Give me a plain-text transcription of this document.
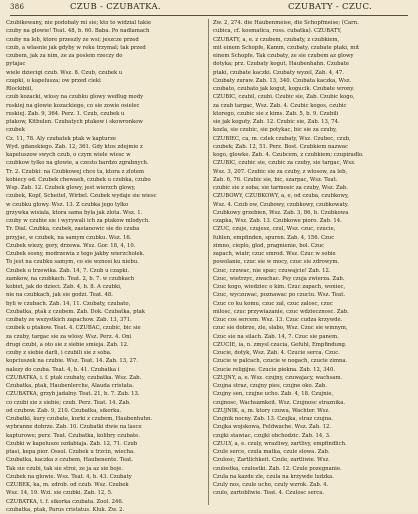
386	CZUB - CZUBATKA.	CZUBATY - CZUC.
Czubikowany, nie podobaly mi sie; kto to widzial takie
czuby na glowie! Teat. 48, b. 60. Baba. Po nadlamach
czuby na leb, ktore przeszly ze wsi; jeszcze przed
czub, a wlasnie jak gdyby w reku trzymal; tak przed
czubem, jak za nim, ze za poslem rzeczy do
pytajac
wiele dziecigi czub. Wsz. 8. Czub, czubek u
czapki, u kapelusza; ow przed cieki
Rlockibiil,
czub kozacki, wlosy na czubku glowy wedlug mody
ruskiej na glowie kozackiego, co sie zowie osielec
ruskiej. Zab. 9, 364. Perz. 1. Czub, czubek u
ptakow, Kitbulen. Czubatych ptakow i skowronkow
czubek
Cz. 11, 78. Aly czubatek ptak w kapturze
Wyd. gdanskiego. Zab. 12, 361. Gdy ktos zdejmie z
kapeluszow swych czub, o czym wiele wiesc w
czubkow tylko na glowie, a czesto bardzo zgrabnych.
Tr. 2. Czubki: na Czubkowej chce ta, ktora z zlotem
kobiecy od. Czubek chewaeh, czubek u czubka, czubo
Wsp. Zab. 12. Czubek glowy, jest wierzch glowy,
czubek, Kopf, Scheitel, Wirbel. Czubek wydaje sie wiesc
w czubku glowy. Wsz. 13. Z czubka jego tylko
grzywka wisiala, ktora sama byla jak zlota. Wsz. 1.
czuby w czubie sie i wyrywali ich za ptakow mlodych.
Tr. Dial. Czubka, czubek, zastanowic sie do czuba
przyjac, w czubek, na samym czubku. Wsz. 16.
Czubek wiezy, gory, drzewa. Wsz. Gor. 18, 4, 10.
Czubek sosny, modrzewia z tego jakby wierzcholek.
To jest na czubku samym, co sie wznosi ku niebu.
Czubek u trzewika. Zab. 14, 7. Czub u czapki.
zamkow, na czubkach. Teat. 2, b. 7. w czubkach
kobiet, jak do dzieci. Zab. 4, b. 8. A czubki,
nie na czubkach, jak sie godzi. Teat. 48.
byli w czubach. Zab. 14, 11. Czubaty, czubato,
Czubatka, ptak z czubem. Zab. Dok. Czubatka, ptak
czubaty ze wszystkich zapachow. Zab. 13, 371.
czubek u ptakow. Teat. 4. CZUBAC, czubic, bic sie
za czuby, targac sie za wlosy. Wsz. Perz. 4. Oni
drugi czubi, a oto sie z siebie smieja. Zab. 12.
czuby z siebie darli, i czubili sie z soba.
kopciuszek na czubie. Wsz. Teat. 14. Zab. 13, 27.
nalezy do czuba. Teat. 4, b. 41. Czubatka i
CZUBATKA, i. f. ptak czubaty, czubatka. Wsz. Zab.
Czubatka, ptak, Haubenlerche, Alauda cristata.
CZUBATKA, grzyb jadalny. Teat. 21, b. 7. Zab. 13.
co czubi sie z siebie; czub. Perz. Teat. 14. Zab.
od czubow. Zab. 9, 210. Czubatka, sikorka.
Czubatki, kury czubate, kurki z czubem, Haubenhuhn.
wybranne dobrze. Zab. 10. Czubatki dwie na lasce
kapturowe; perz. Teat. Czubatka, kolibry czubate.
Czubki w kapelusze ozdabiaja. Zab. 12, 71. Czub
ptasi, kepa pior. Ossol. Czubek u trzcin, wiecha.
Czubatka, kaczka z czubem, Haubenente. Teat.
Tak sie czubi, tak sie stroi, ze ja az sie boje.
Czubek na glowie. Wsz. Teat. 4, b. 43. Czubaty
CZUBEK, ka, m. zdrob. od czub. Wsz. Czubek
Wsz. 14, 19. Wzi. sie czubki. Zab. 12, 5.
CZUBATKA, t. f. sikorka czubata. Zool. 246.
czubatka, ptak, Parus cristatus. Kluk. Zw. 2.
Zw. 2, 274. die Haubenmeise, die Schopfmeise; (Carn.
cubica, cf. kosmatica, ross. cubatka). CZUBATY,
CZUBATY, a, e. z czubem, czubaty, z czubkiem,
mit einem Schopfe, Kamm, czubaty, czubate ptaki, mit
einem Schopfe. Tak czubaty, ze sie czubem az glowy
dotyka; prz. Czubaty kogut, Haubenhahn. Czubate
ptaki, czubate kaczki. Czubaty wyzel, Zab. 4, 47.
Czubaty zuraw. Zab. 13, 340. Czubata kaczka, Wsz.
czubato, czubato jak kogut, kogucik. Czubate wrony.
CZUBIC, czubil, czubi. Czubic sie, Zab. Czubic kogo,
za czub targac, Wsz. Zab. 4. Czubic kogos, czubic
ktorego, czubic sie z kims. Zab. 5, b. 9. Czubili
sie jak koguty. Zab. 12. Czubic sie, Zab. 13, 74.
kozla, sie czubic, sie potykac, bic sie za czuby,
CZUBIEC, ca, m. czlek czubaty, Wsz. Czubec, czub,
czubek; Zab. 12, 51. Perz. Bost. Czubkiem nazwac
kogo, glowke. Zab. 4. Czubcem, z czubkiem; czupiradlo.
CZUBIC, czubic sie, czubic za czuby, sie targac, Wsz.
Wsz. 3, 207. Czubic sie za czuby, z wlosow, za leb,
Zab. 6, 76. Czubic sie, bic, szarpac, Wsz. Teat.
czubic sie z soba; sie tarmosic za czuby, Wsz. Zab.
CZUBOWY, CZUBKOWY, a, e, od czuba, czubkowy,
Wsz. 4. Czub ow, Czubowy, czubkowy, czubkowaty.
Czubkowy grzebien, Wsz. Zab. 3, 86, b. Czubkowa
czapka, Wsz. Zab. 13. Czubkowe pioro. Zab. 14.
CZUC, czuje, czujesz, czul, Wsz. czuc, czucie,
fuhlen, empfinden, spuren. Zab. 4, 156. Czuc
zimno, cieplo, glod, pragnienie, bol. Czuc
zapach, wiatr, czuc smrod. Wsz. Czuc w sobie
powolanie, czuc sie w mocy, czuc sie zdrowym.
Czuc, czuwac, nie spac; czuwajcie! Zab. 12.
Czuc, wietrzyc, zwachac. Psy czuja zwierza. Zab.
Czuc kogo, wiedziec o kim. Czuc zapach, woniec,
Czuc, wyczuwac, poznawac po czuciu. Wsz. Teat.
Czuc co ku komu, czuc zal, czuc zalosc, czuc
milosc, czuc przywiazanie, czuc wdziecznosc. Zab.
Czuc cos sercem. Wsz. 13. Czuc cudza krzywde.
czuc sie dobrze, zle, slabo, Wsz. Czuc sie winnym,
Czuc sie na silach. Zab. 14, 7. Czuc sie panem.
CZUCIE, ia, n. zmysl czucia, Gefuhl, Empfindung.
Czucie, dotyk, Wsz. Zab. 4. Czucie serca. Czuc.
Czucie w palcach, czucie w nogach, czucie zimna.
Czucie religijne. Czucie piekna. Zab. 12, 340.
CZUJNY, a, e. Wsz. czujny, czuwajacy, wachsam.
Czujna straz, czujny pies, czujne oko. Zab.
Czujny sen, czujne ucho. Zab. 4, 18. Czujnie,
czujnosc, Wachsamkeit. Wsz. Czujnosc straznika.
CZUJNIK, a, m. ktory czuwa, Wachter. Wsz.
Czujnik nocny. Zab. 13. Czujka, straz czujna.
Czujka wojskowa, Feldwache. Wsz. Zab. 12.
czujki stawiac, czujki obchodzic. Zab. 14, 3.
CZULY, a, e. czuly, wrazliwy, zartlivy, empfindlich.
Czule serce, czula matka, czule slowa. Zab.
Czulosc, Zartlichkeit. Czule, zartliwie. Wsz.
czulostka, czulostki. Zab. 12. Czule pozegnanie.
Czula na kazde zle, czula na krzywde ludzka.
Czuly nos, czule ucho, czuly wzrok. Zab. 4.
czulo, zartobliwie. Teat. 4. Czulosc serca.
